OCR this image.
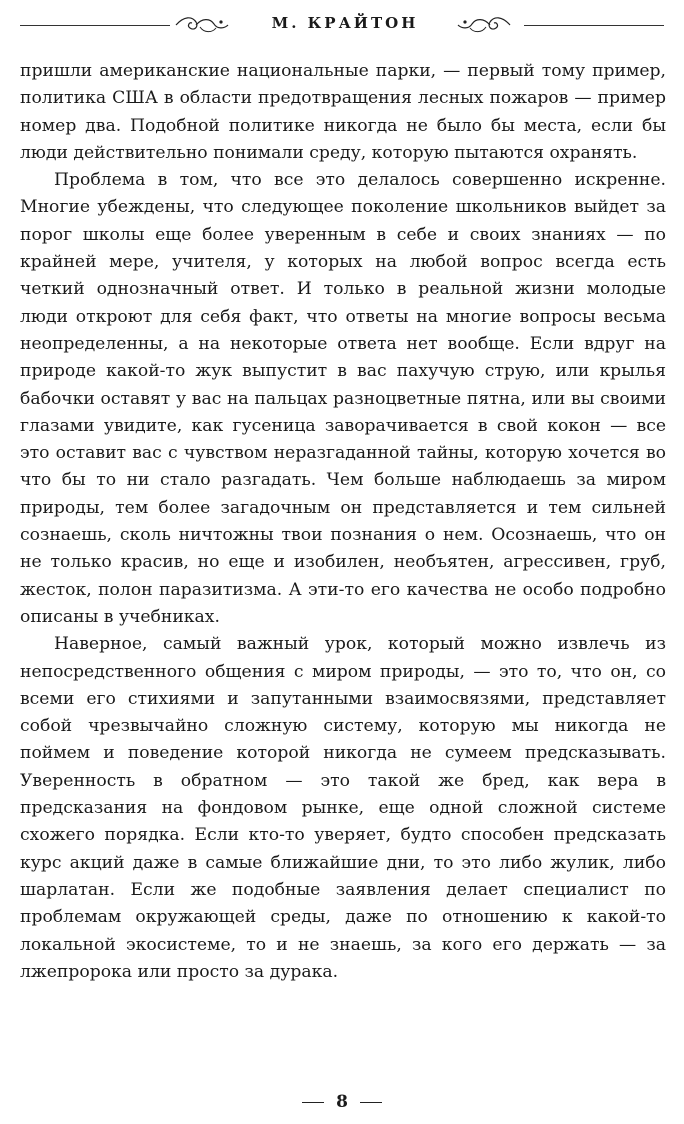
М. КРАЙТОН

пришли американские национальные парки, — первый тому пример, политика США в области предотвращения лесных пожаров — пример номер два. Подобной политике никогда не было бы места, если бы люди действительно понимали среду, которую пытаются охранять.

Проблема в том, что все это делалось совершенно искренне. Многие убеждены, что следующее поколение школьников выйдет за порог школы еще более уверенным в себе и своих знаниях — по крайней мере, учителя, у которых на любой вопрос всегда есть четкий однозначный ответ. И только в реальной жизни молодые люди откроют для себя факт, что ответы на многие вопросы весьма неопределенны, а на некоторые ответа нет вообще. Если вдруг на природе какой-то жук выпустит в вас пахучую струю, или крылья бабочки оставят у вас на пальцах разноцветные пятна, или вы своими глазами увидите, как гусеница заворачивается в свой кокон — все это оставит вас с чувством неразгаданной тайны, которую хочется во что бы то ни стало разгадать. Чем больше наблюдаешь за миром природы, тем более загадочным он представляется и тем сильней сознаешь, сколь ничтожны твои познания о нем. Осознаешь, что он не только красив, но еще и изобилен, необъятен, агрессивен, груб, жесток, полон паразитизма. А эти-то его качества не особо подробно описаны в учебниках.

Наверное, самый важный урок, который можно извлечь из непосредственного общения с миром природы, — это то, что он, со всеми его стихиями и запутанными взаимосвязями, представляет собой чрезвычайно сложную систему, которую мы никогда не поймем и поведение которой никогда не сумеем предсказывать. Уверенность в обратном — это такой же бред, как вера в предсказания на фондовом рынке, еще одной сложной системе схожего порядка. Если кто-то уверяет, будто способен предсказать курс акций даже в самые ближайшие дни, то это либо жулик, либо шарлатан. Если же подобные заявления делает специалист по проблемам окружающей среды, даже по отношению к какой-то локальной экосистеме, то и не знаешь, за кого его держать — за лжепророка или просто за дурака.

8
